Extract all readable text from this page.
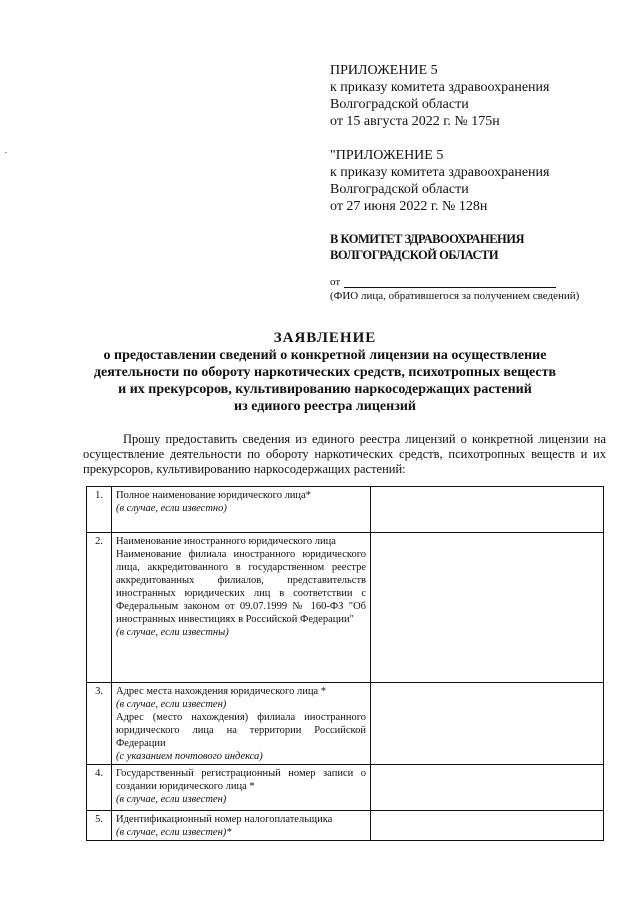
ПРИЛОЖЕНИЕ 5
к приказу комитета здравоохранения
Волгоградской области
от 15 августа 2022 г. № 175н
"ПРИЛОЖЕНИЕ 5
к приказу комитета здравоохранения
Волгоградской области
от 27 июня 2022 г. № 128н
В КОМИТЕТ ЗДРАВООХРАНЕНИЯ
ВОЛГОГРАДСКОЙ ОБЛАСТИ
от
(ФИО лица, обратившегося за получением сведений)
ЗАЯВЛЕНИЕ
о предоставлении сведений о конкретной лицензии на осуществление
деятельности по обороту наркотических средств, психотропных веществ
и их прекурсоров, культивированию наркосодержащих растений
из единого реестра лицензий
Прошу предоставить сведения из единого реестра лицензий о конкретной лицензии на осуществление деятельности по обороту наркотических средств, психотропных веществ и их прекурсоров, культивированию наркосодержащих растений:
1.	Полное наименование юридического лица*

(в случае, если известно)	

2.	Наименование иностранного юридического лица

Наименование филиала иностранного юридического лица, аккредитованного в государственном реестре аккредитованных филиалов, представительств иностранных юридических лиц в соответствии с Федеральным законом от 09.07.1999 № 160-ФЗ "Об иностранных инвестициях в Российской Федерации"

(в случае, если известны)	

3.	Адрес места нахождения юридического лица *

(в случае, если известен)

Адрес (место нахождения) филиала иностранного юридического лица на территории Российской Федерации

(с указанием почтового индекса)	

4.	Государственный регистрационный номер записи о создании юридического лица *

(в случае, если известен)	

5.	Идентификационный номер налогоплательщика

(в случае, если известен)*	
